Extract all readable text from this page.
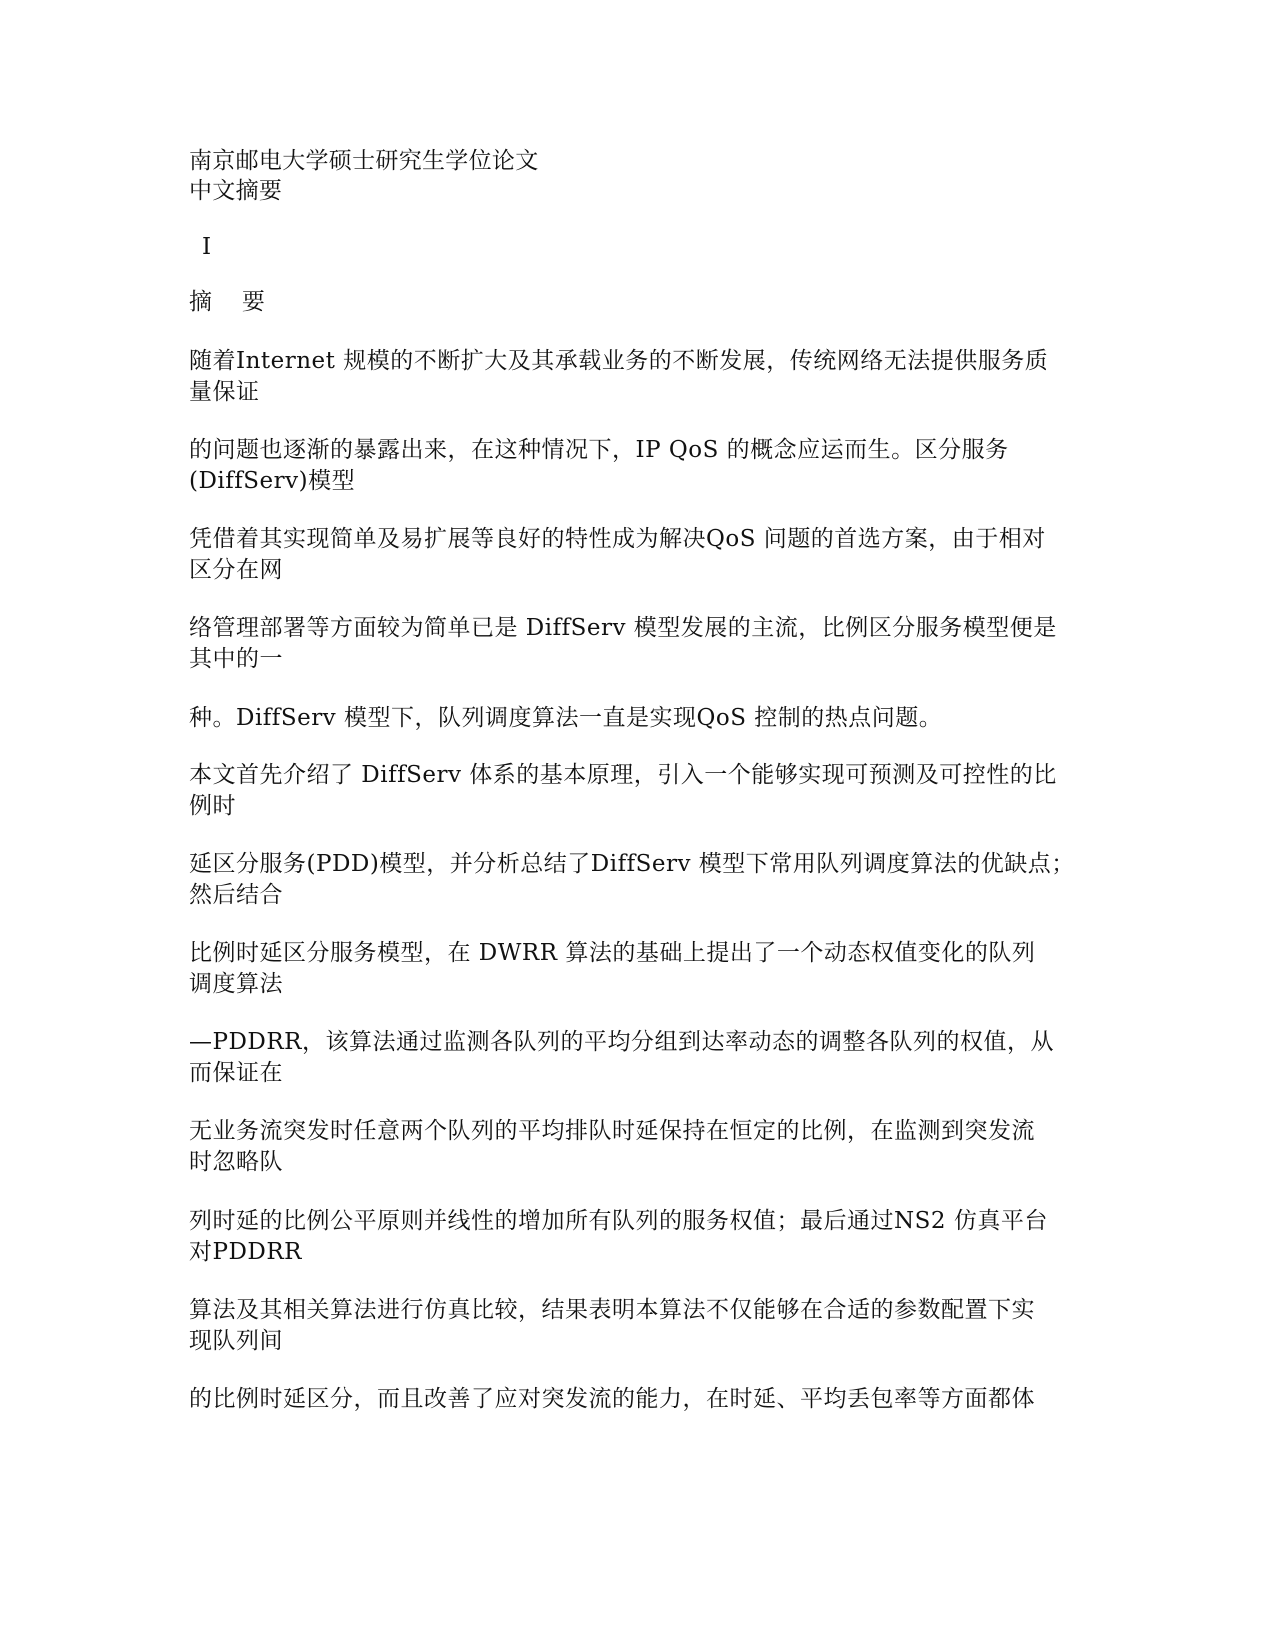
南京邮电大学硕士研究生学位论文
中文摘要
I
摘 要
随着Internet 规模的不断扩大及其承载业务的不断发展，传统网络无法提供服务质
量保证
的问题也逐渐的暴露出来，在这种情况下，IP QoS 的概念应运而生。区分服务
(DiffServ)模型
凭借着其实现简单及易扩展等良好的特性成为解决QoS 问题的首选方案，由于相对
区分在网
络管理部署等方面较为简单已是 DiffServ 模型发展的主流，比例区分服务模型便是
其中的一
种。DiffServ 模型下，队列调度算法一直是实现QoS 控制的热点问题。
本文首先介绍了 DiffServ 体系的基本原理，引入一个能够实现可预测及可控性的比
例时
延区分服务(PDD)模型，并分析总结了DiffServ 模型下常用队列调度算法的优缺点；
然后结合
比例时延区分服务模型，在 DWRR 算法的基础上提出了一个动态权值变化的队列
调度算法
—PDDRR，该算法通过监测各队列的平均分组到达率动态的调整各队列的权值，从
而保证在
无业务流突发时任意两个队列的平均排队时延保持在恒定的比例，在监测到突发流
时忽略队
列时延的比例公平原则并线性的增加所有队列的服务权值；最后通过NS2 仿真平台
对PDDRR
算法及其相关算法进行仿真比较，结果表明本算法不仅能够在合适的参数配置下实
现队列间
的比例时延区分，而且改善了应对突发流的能力，在时延、平均丢包率等方面都体
